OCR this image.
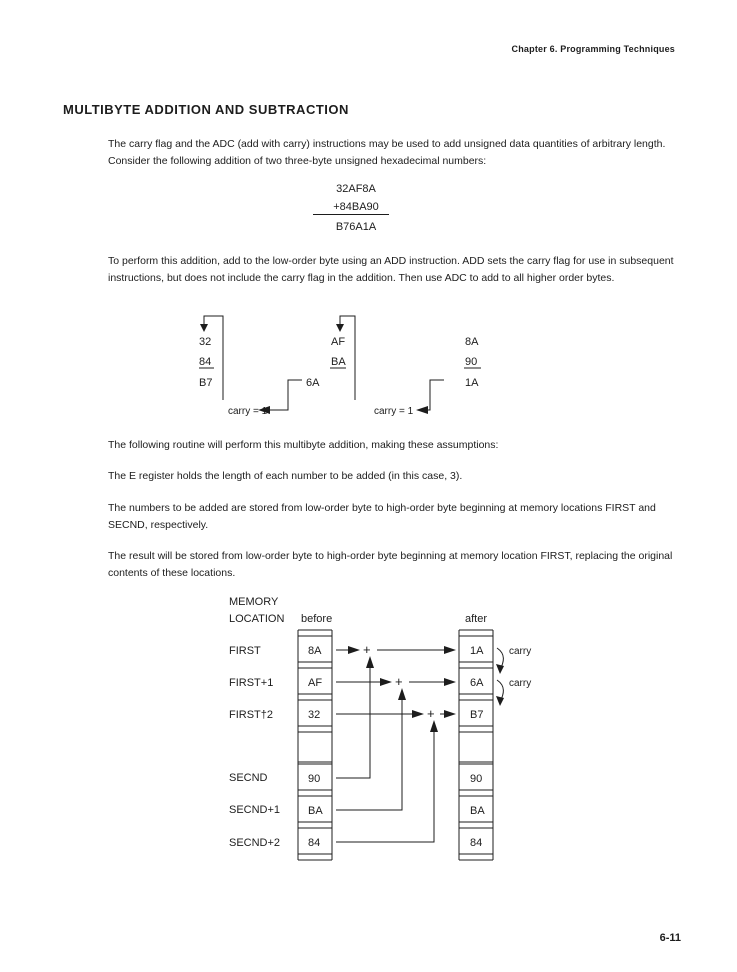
Chapter 6. Programming Techniques
MULTIBYTE ADDITION AND SUBTRACTION
The carry flag and the ADC (add with carry) instructions may be used to add unsigned data quantities of arbitrary length. Consider the following addition of two three-byte unsigned hexadecimal numbers:
32AF8A
+84BA90
B76A1A
To perform this addition, add to the low-order byte using an ADD instruction. ADD sets the carry flag for use in subsequent instructions, but does not include the carry flag in the addition. Then use ADC to add to all higher order bytes.
32
84
B7
AF
BA
6A
8A
90
1A
carry = 1	carry = 1
The following routine will perform this multibyte addition, making these assumptions:
The E register holds the length of each number to be added (in this case, 3).
The numbers to be added are stored from low-order byte to high-order byte beginning at memory locations FIRST and SECND, respectively.
The result will be stored from low-order byte to high-order byte beginning at memory location FIRST, replacing the original contents of these locations.
MEMORY
LOCATION before	after
FIRST
FIRST+1
FIRST†2
SECND
SECND+1
SECND+2
8A
AF
32
90
BA
84
1A
6A
B7
90
BA
84
+
+
+
carry
carry
6-11
